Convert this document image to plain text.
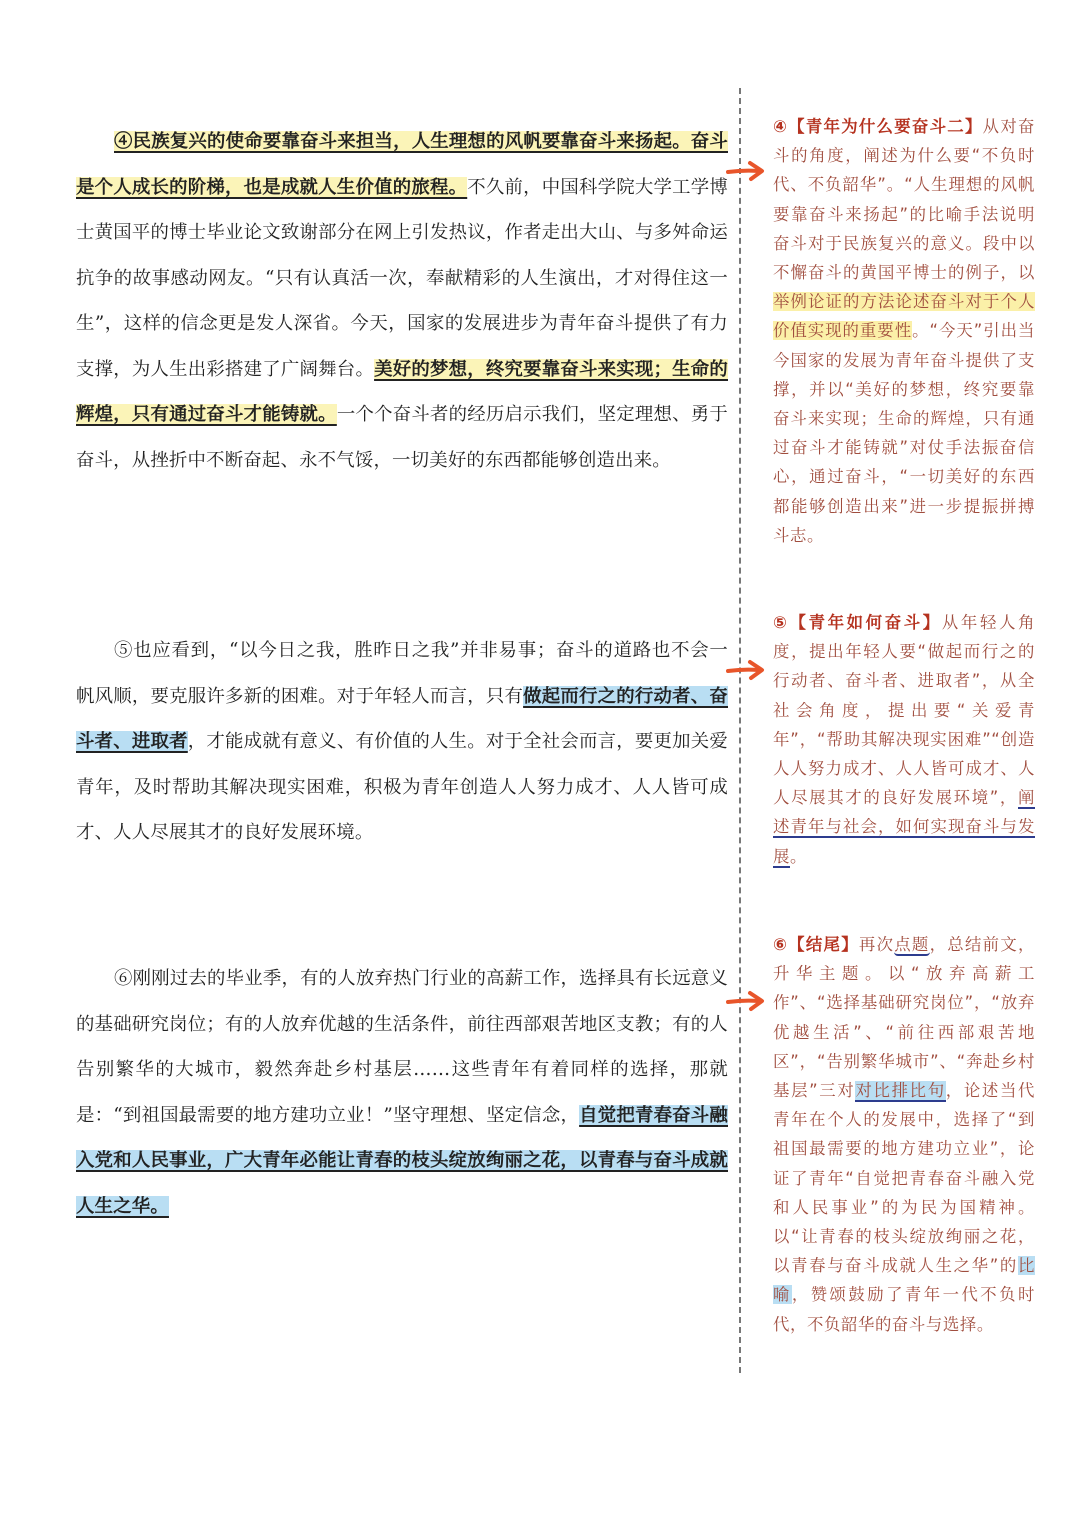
④民族复兴的使命要靠奋斗来担当，人生理想的风帆要靠奋斗来扬起。奋斗是个人成长的阶梯，也是成就人生价值的旅程。不久前，中国科学院大学工学博士黄国平的博士毕业论文致谢部分在网上引发热议，作者走出大山、与多舛命运抗争的故事感动网友。“只有认真活一次，奉献精彩的人生演出，才对得住这一生”，这样的信念更是发人深省。今天，国家的发展进步为青年奋斗提供了有力支撑，为人生出彩搭建了广阔舞台。美好的梦想，终究要靠奋斗来实现；生命的辉煌，只有通过奋斗才能铸就。一个个奋斗者的经历启示我们，坚定理想、勇于奋斗，从挫折中不断奋起、永不气馁，一切美好的东西都能够创造出来。
⑤也应看到，“以今日之我，胜昨日之我”并非易事；奋斗的道路也不会一帆风顺，要克服许多新的困难。对于年轻人而言，只有做起而行之的行动者、奋斗者、进取者，才能成就有意义、有价值的人生。对于全社会而言，要更加关爱青年，及时帮助其解决现实困难，积极为青年创造人人努力成才、人人皆可成才、人人尽展其才的良好发展环境。
⑥刚刚过去的毕业季，有的人放弃热门行业的高薪工作，选择具有长远意义的基础研究岗位；有的人放弃优越的生活条件，前往西部艰苦地区支教；有的人告别繁华的大城市，毅然奔赴乡村基层……这些青年有着同样的选择，那就是：“到祖国最需要的地方建功立业！”坚守理想、坚定信念，自觉把青春奋斗融入党和人民事业，广大青年必能让青春的枝头绽放绚丽之花，以青春与奋斗成就人生之华。
④【青年为什么要奋斗二】从对奋斗的角度，阐述为什么要“不负时代、不负韶华”。“人生理想的风帆要靠奋斗来扬起”的比喻手法说明奋斗对于民族复兴的意义。段中以不懈奋斗的黄国平博士的例子，以举例论证的方法论述奋斗对于个人价值实现的重要性。“今天”引出当今国家的发展为青年奋斗提供了支撑，并以“美好的梦想，终究要靠奋斗来实现；生命的辉煌，只有通过奋斗才能铸就”对仗手法振奋信心，通过奋斗，“一切美好的东西都能够创造出来”进一步提振拼搏斗志。
⑤【青年如何奋斗】从年轻人角度，提出年轻人要“做起而行之的行动者、奋斗者、进取者”，从全社会角度，提出要“关爱青年”，“帮助其解决现实困难”“创造人人努力成才、人人皆可成才、人人尽展其才的良好发展环境”，阐述青年与社会，如何实现奋斗与发展。
⑥【结尾】再次点题，总结前文，升华主题。以“放弃高薪工作”、“选择基础研究岗位”，“放弃优越生活”、“前往西部艰苦地区”，“告别繁华城市”、“奔赴乡村基层”三对对比排比句，论述当代青年在个人的发展中，选择了“到祖国最需要的地方建功立业”，论证了青年“自觉把青春奋斗融入党和人民事业”的为民为国精神。以“让青春的枝头绽放绚丽之花，以青春与奋斗成就人生之华”的比喻，赞颂鼓励了青年一代不负时代，不负韶华的奋斗与选择。
